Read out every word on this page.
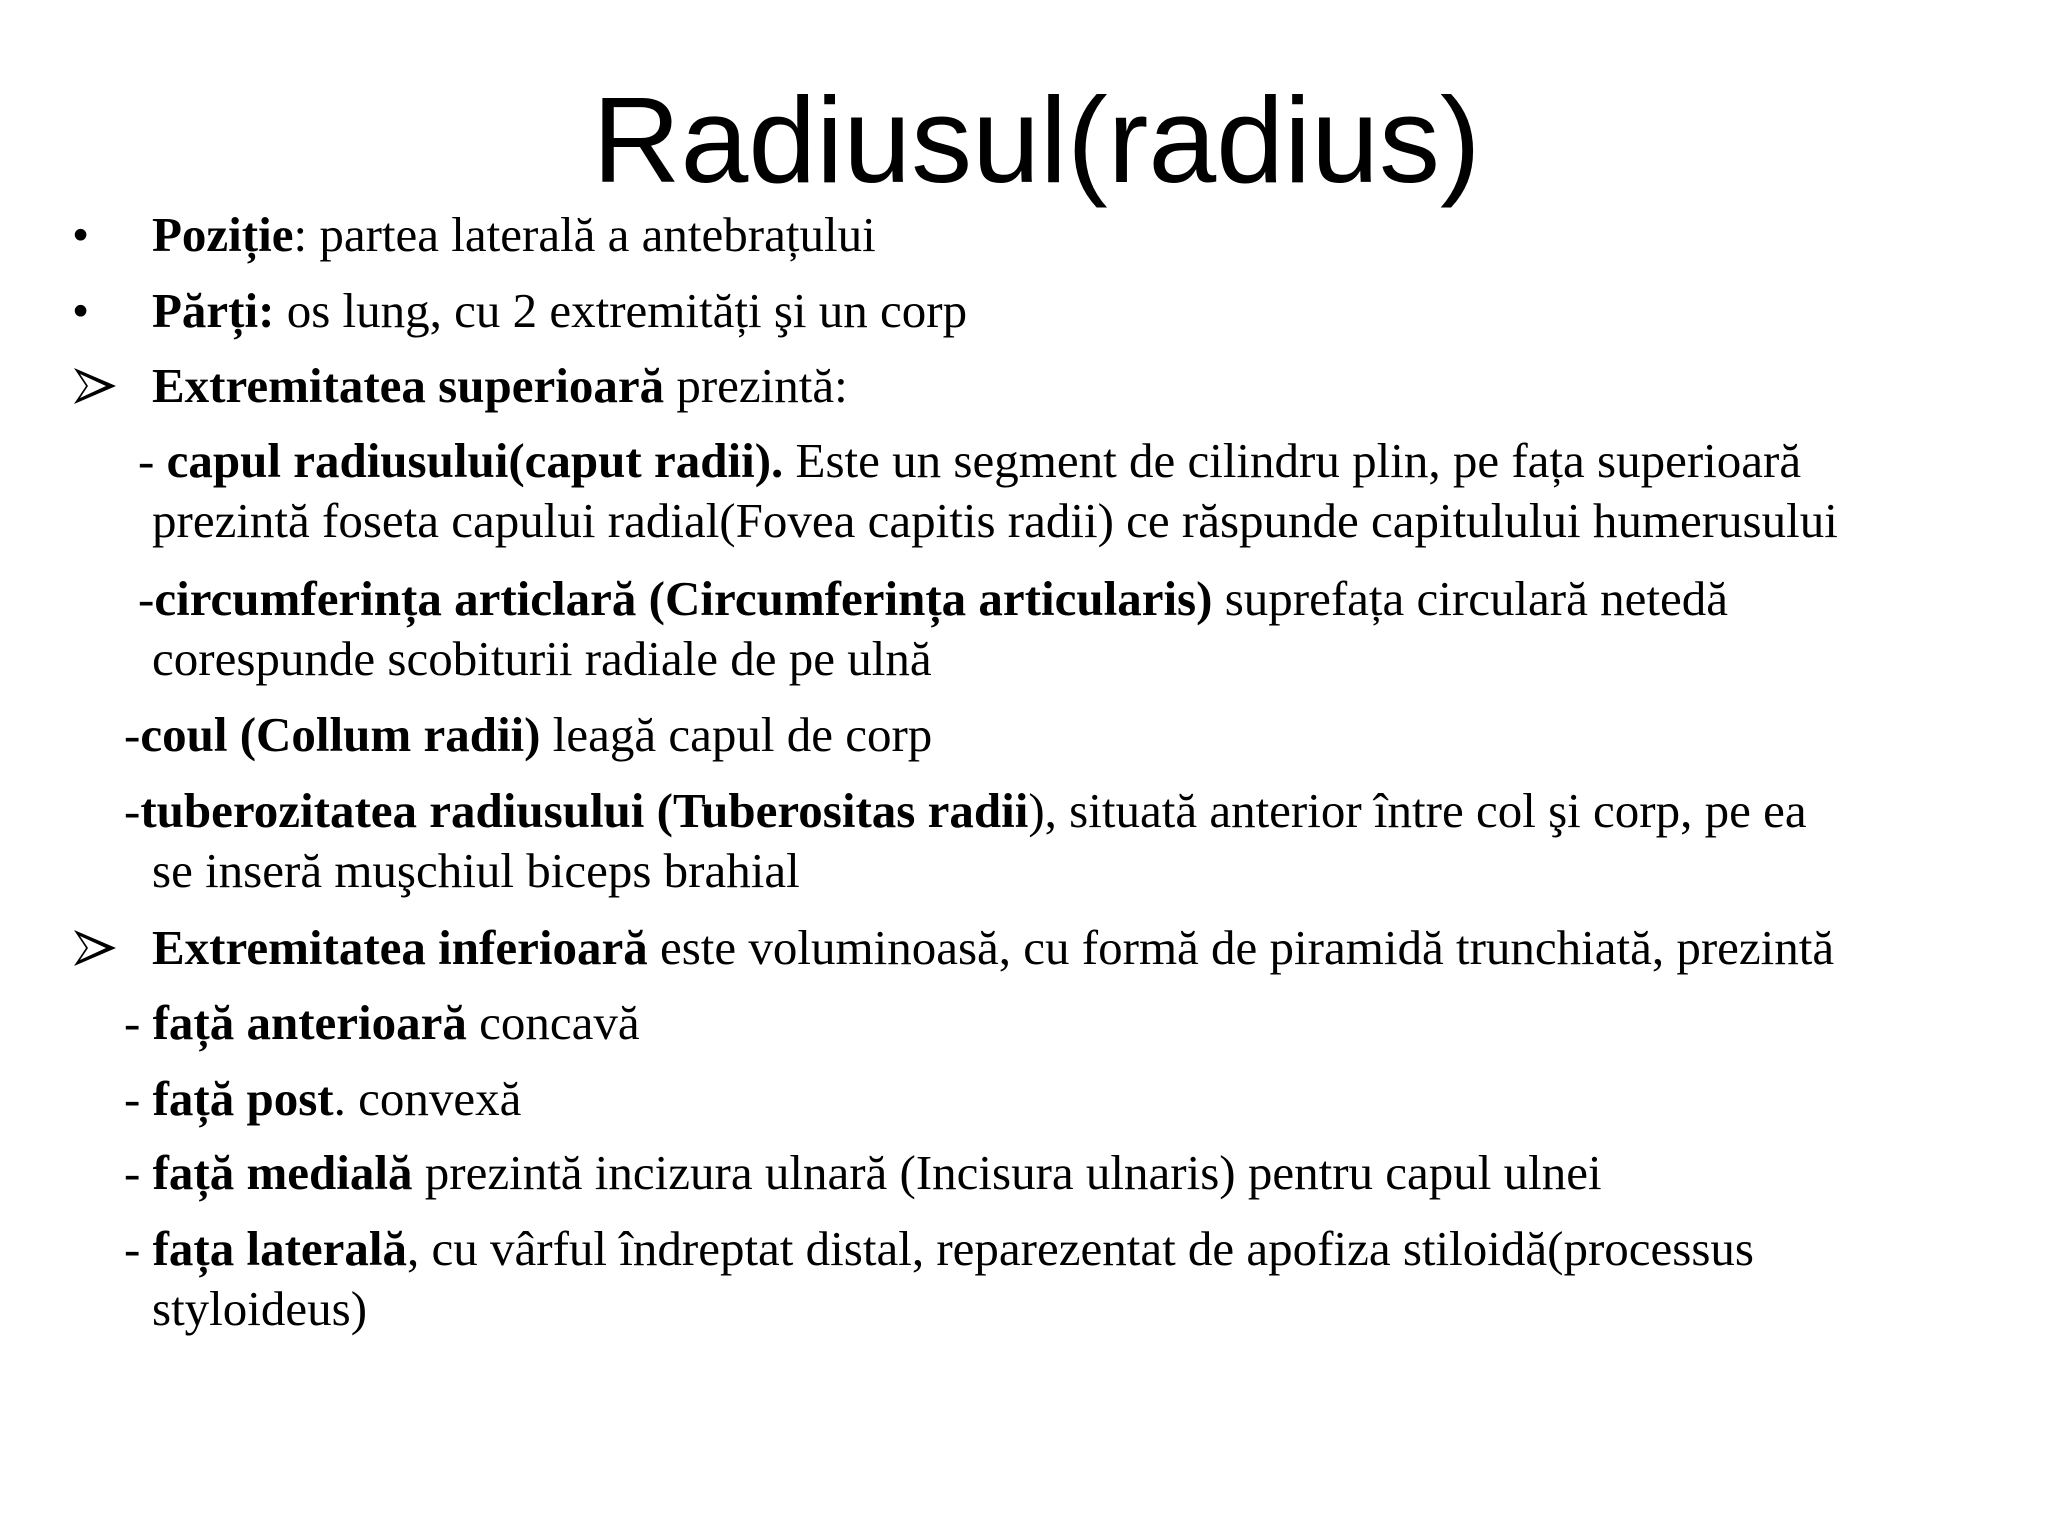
Radiusul(radius)
• Poziție: partea laterală a antebrațului
• Părți: os lung, cu 2 extremități şi un corp
Extremitatea superioară prezintă:
- capul radiusului(caput radii). Este un segment de cilindru plin, pe fața superioară
prezintă foseta capului radial(Fovea capitis radii) ce răspunde capitulului humerusului
-circumferința articlară (Circumferința articularis) suprefața circulară netedă
corespunde scobiturii radiale de pe ulnă
-coul (Collum radii) leagă capul de corp
-tuberozitatea radiusului (Tuberositas radii), situată anterior între col şi corp, pe ea
se inseră muşchiul biceps brahial
Extremitatea inferioară este voluminoasă, cu formă de piramidă trunchiată, prezintă
- față anterioară concavă
- față post. convexă
- față medială prezintă incizura ulnară (Incisura ulnaris) pentru capul ulnei
- fața laterală, cu vârful îndreptat distal, reparezentat de apofiza stiloidă(processus
styloideus)
